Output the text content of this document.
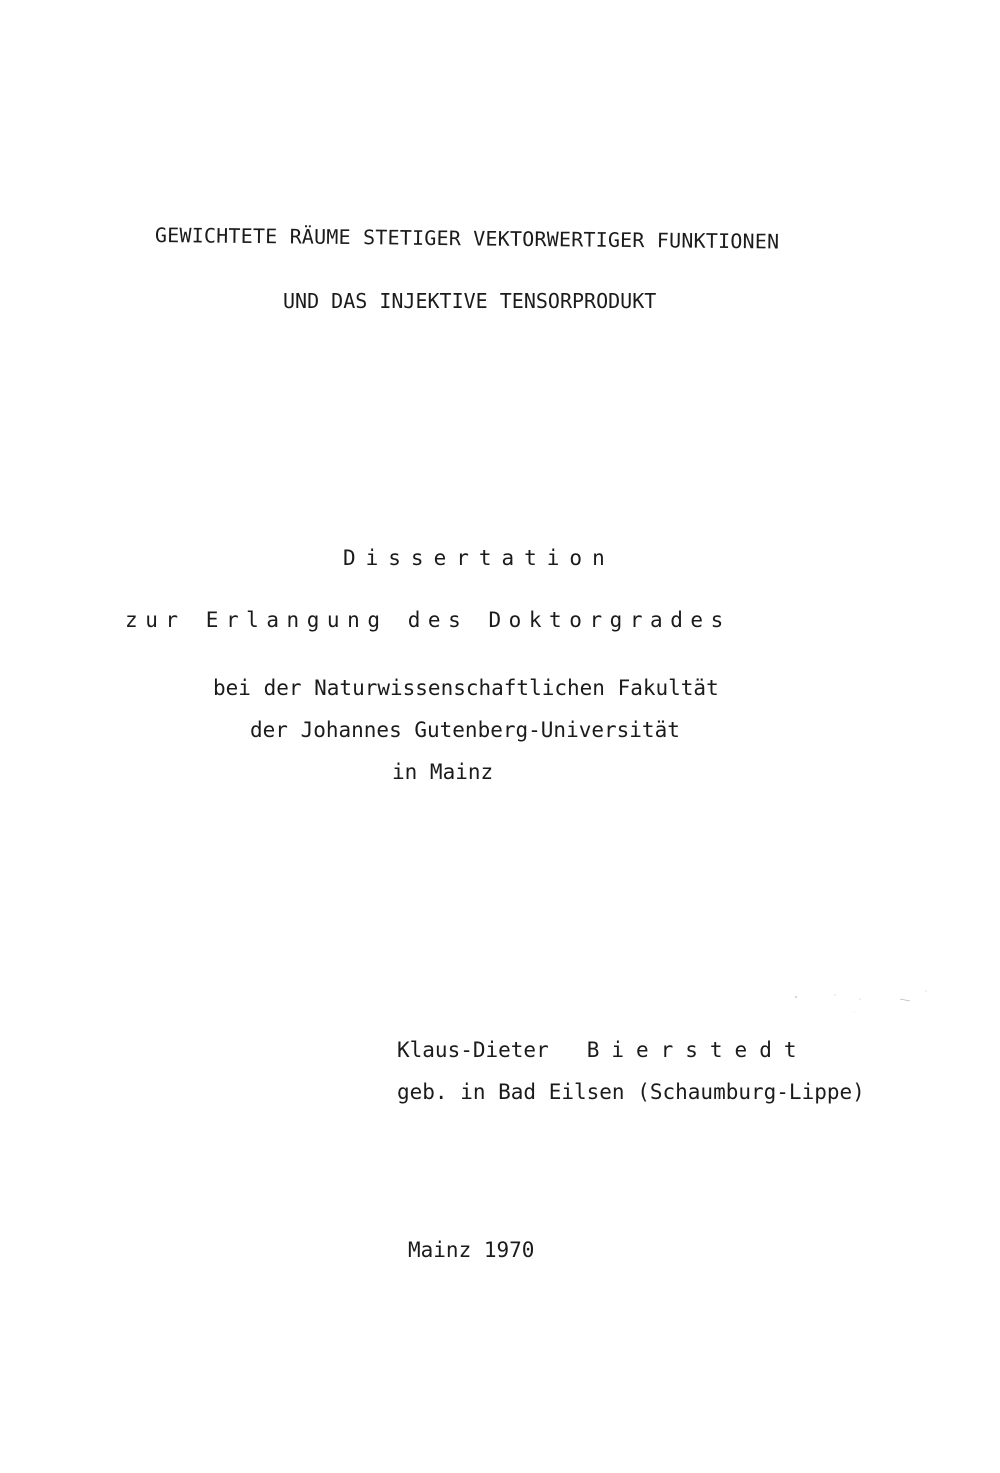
GEWICHTETE RÄUME STETIGER VEKTORWERTIGER FUNKTIONEN
UND DAS INJEKTIVE TENSORPRODUKT
Dissertation
zur Erlangung des Doktorgrades
bei der Naturwissenschaftlichen Fakultät
der Johannes Gutenberg-Universität
in Mainz
Klaus-Dieter Bierstedt
geb. in Bad Eilsen (Schaumburg-Lippe)
Mainz 1970
